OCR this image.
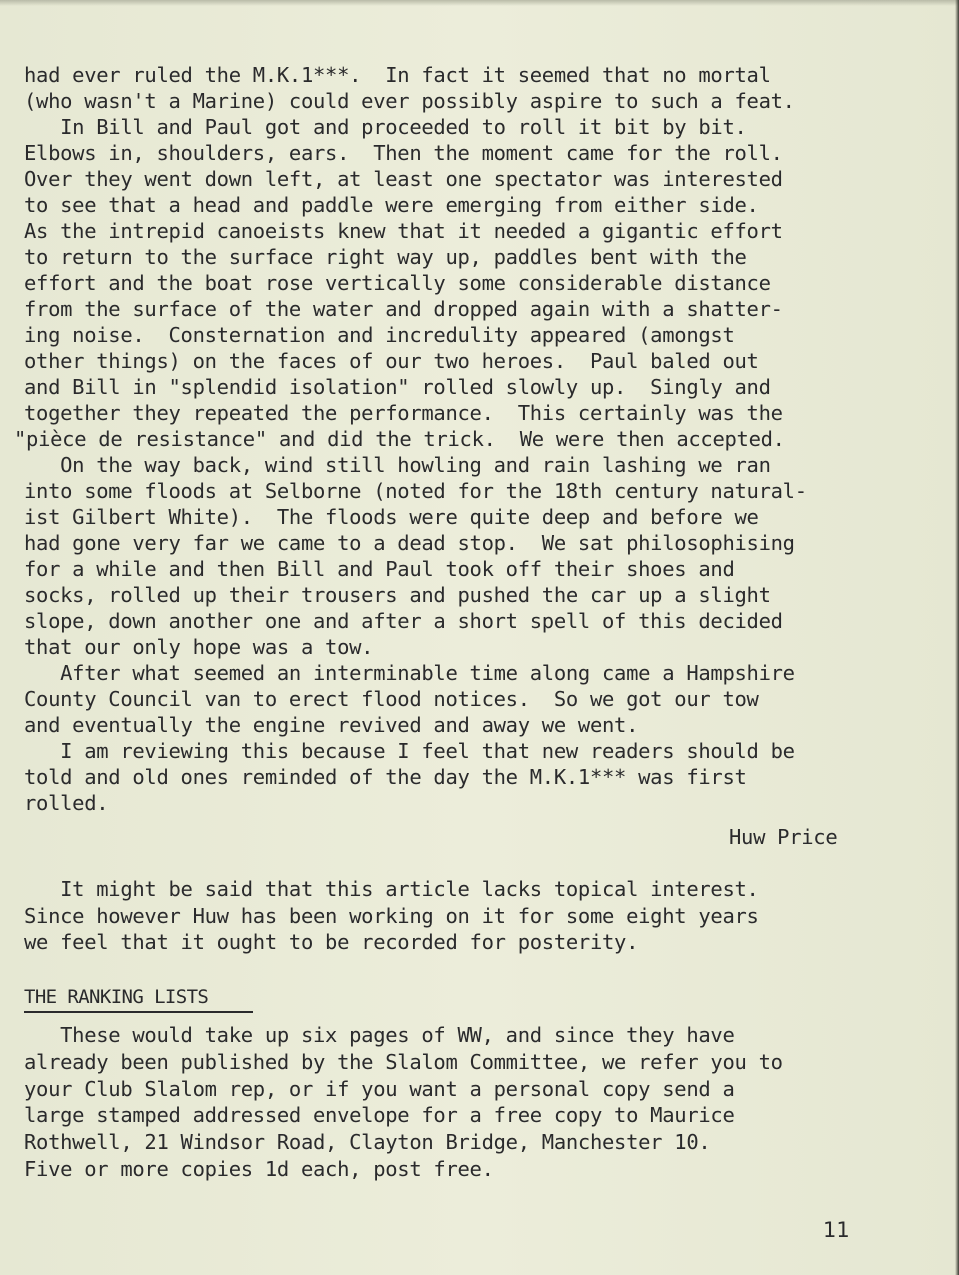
had ever ruled the M.K.1***.  In fact it seemed that no mortal
(who wasn't a Marine) could ever possibly aspire to such a feat.
In Bill and Paul got and proceeded to roll it bit by bit.
Elbows in, shoulders, ears.  Then the moment came for the roll.
Over they went down left, at least one spectator was interested
to see that a head and paddle were emerging from either side.
As the intrepid canoeists knew that it needed a gigantic effort
to return to the surface right way up, paddles bent with the
effort and the boat rose vertically some considerable distance
from the surface of the water and dropped again with a shatter-
ing noise.  Consternation and incredulity appeared (amongst
other things) on the faces of our two heroes.  Paul baled out
and Bill in "splendid isolation" rolled slowly up.  Singly and
together they repeated the performance.  This certainly was the
"pièce de resistance" and did the trick.  We were then accepted.
On the way back, wind still howling and rain lashing we ran
into some floods at Selborne (noted for the 18th century natural-
ist Gilbert White).  The floods were quite deep and before we
had gone very far we came to a dead stop.  We sat philosophising
for a while and then Bill and Paul took off their shoes and
socks, rolled up their trousers and pushed the car up a slight
slope, down another one and after a short spell of this decided
that our only hope was a tow.
After what seemed an interminable time along came a Hampshire
County Council van to erect flood notices.  So we got our tow
and eventually the engine revived and away we went.
I am reviewing this because I feel that new readers should be
told and old ones reminded of the day the M.K.1*** was first
rolled.
Huw Price
It might be said that this article lacks topical interest.
Since however Huw has been working on it for some eight years
we feel that it ought to be recorded for posterity.
THE RANKING LISTS
These would take up six pages of WW, and since they have
already been published by the Slalom Committee, we refer you to
your Club Slalom rep, or if you want a personal copy send a
large stamped addressed envelope for a free copy to Maurice
Rothwell, 21 Windsor Road, Clayton Bridge, Manchester 10.
Five or more copies 1d each, post free.
11
